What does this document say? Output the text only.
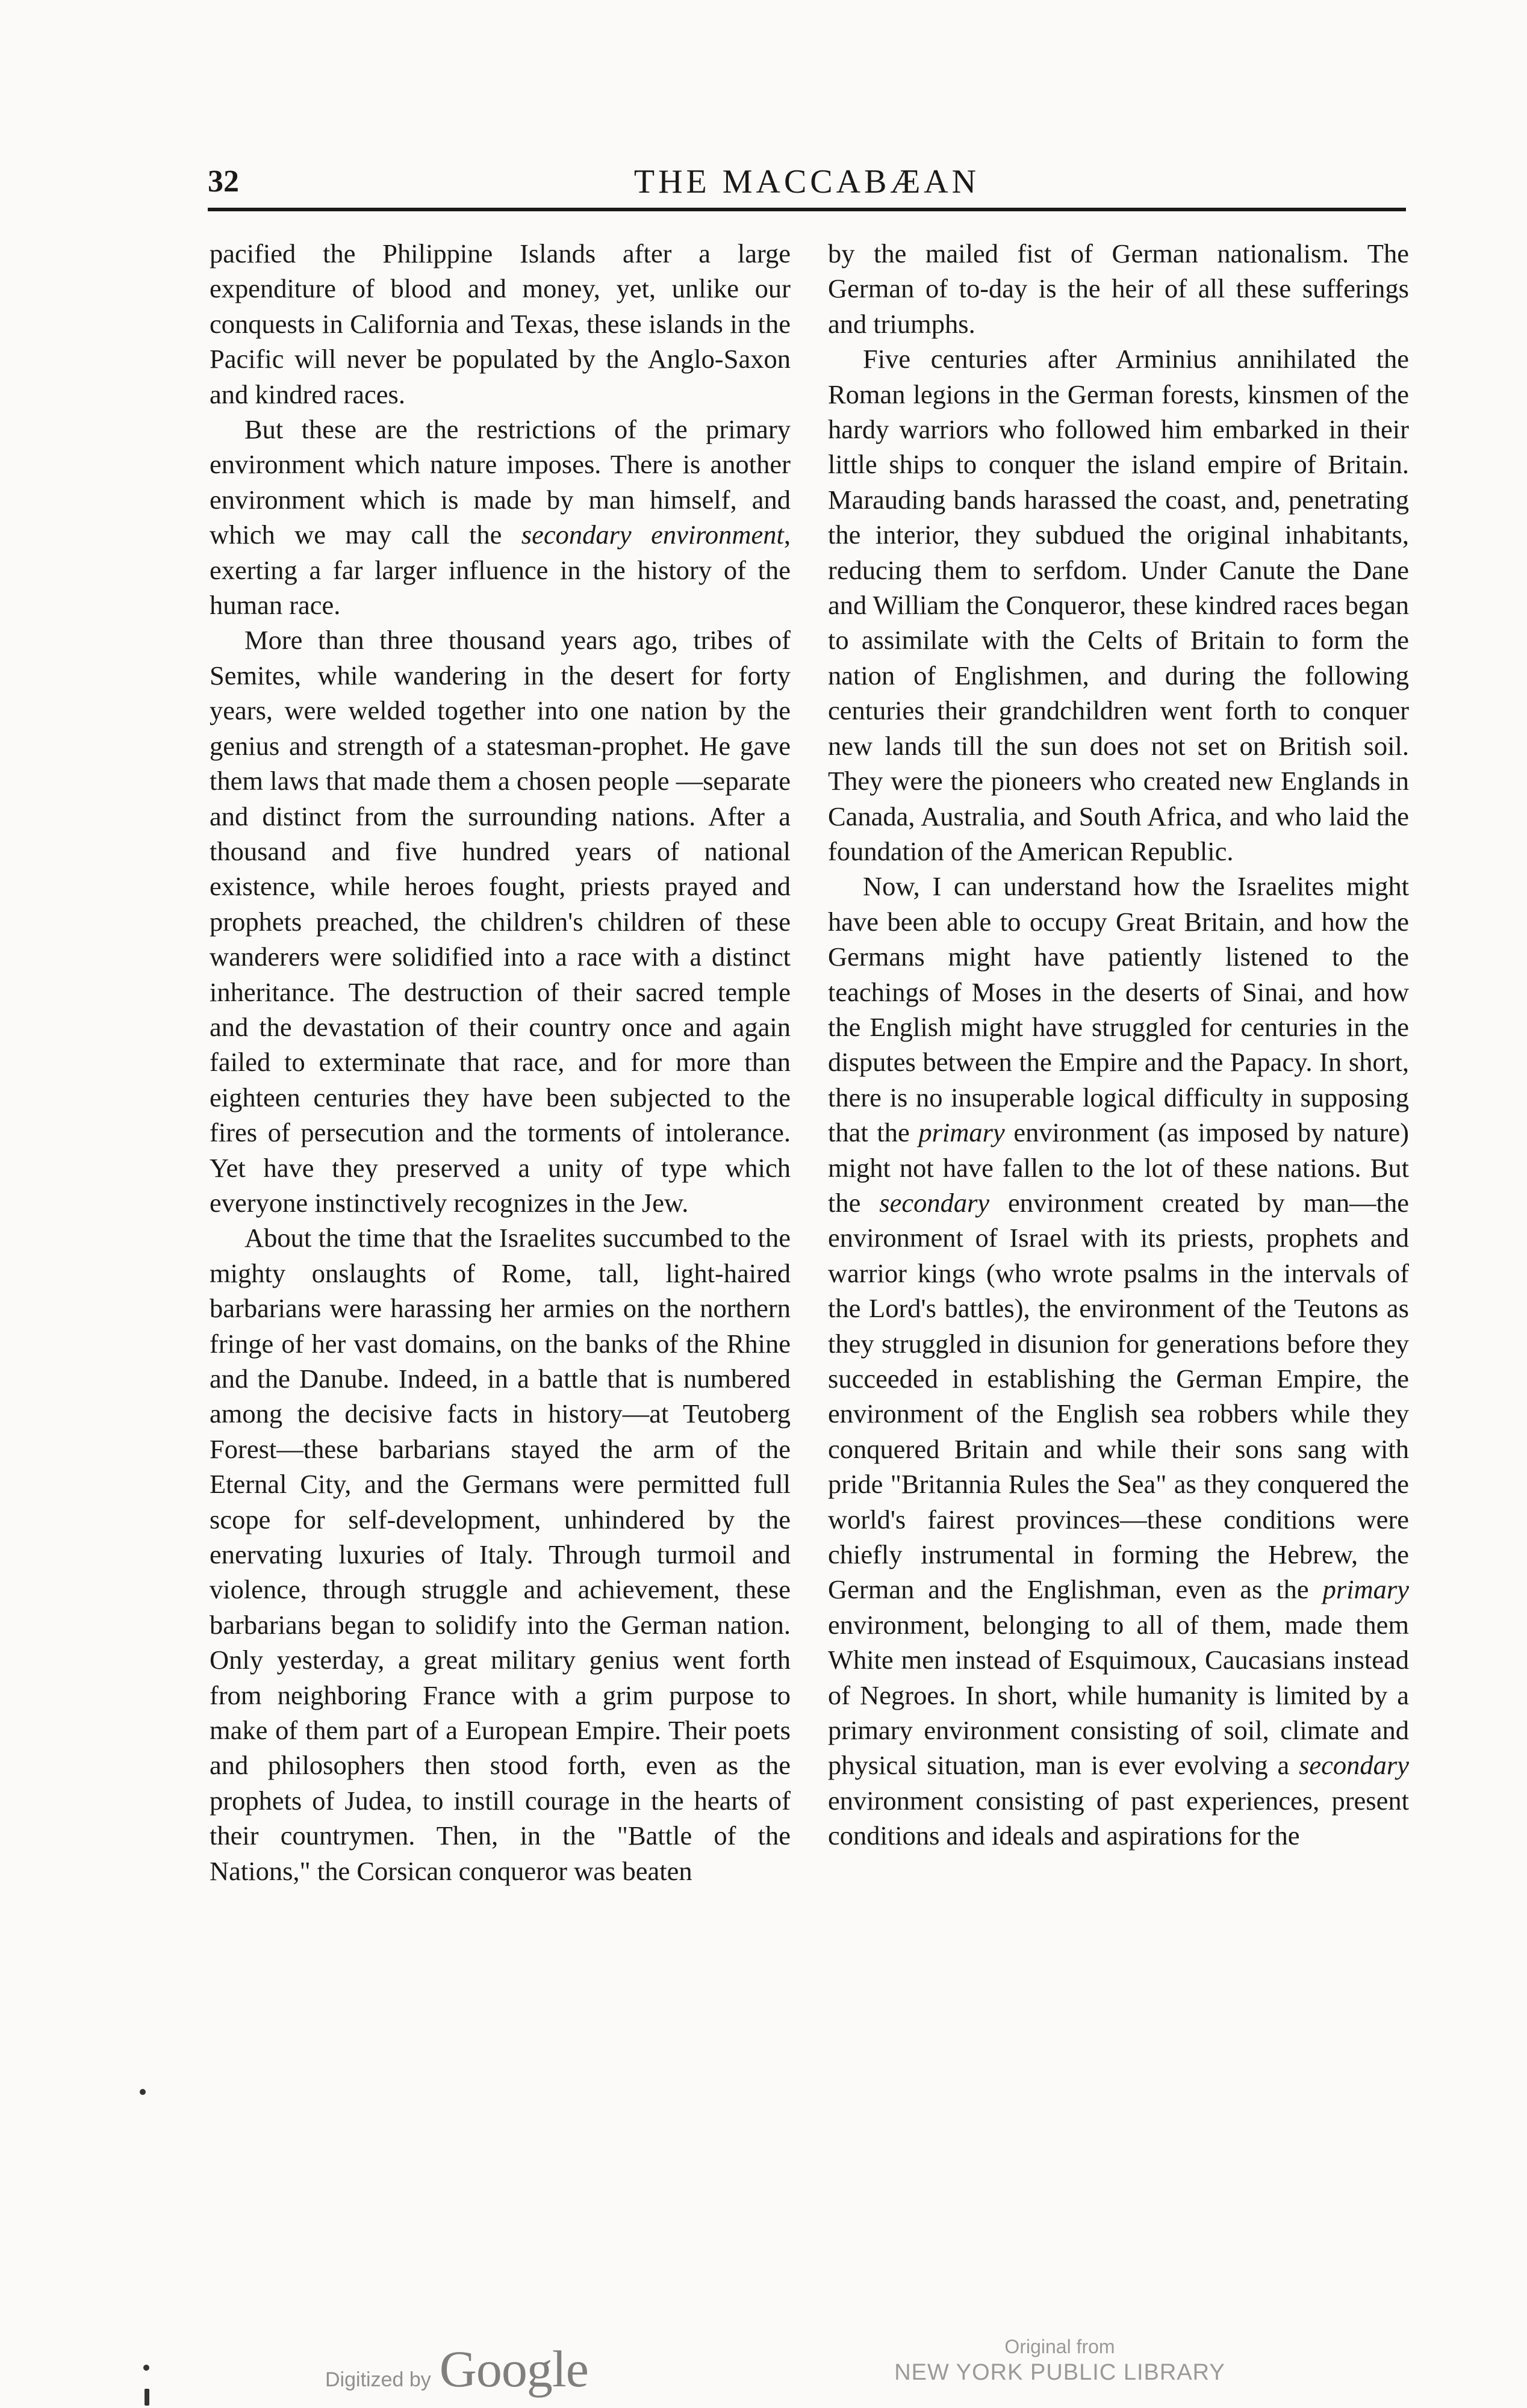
32	THE MACCABÆAN

pacified the Philippine Islands after a large expenditure of blood and money, yet, unlike our conquests in California and Texas, these islands in the Pacific will never be populated by the Anglo-Saxon and kindred races.

But these are the restrictions of the primary environment which nature imposes. There is another environment which is made by man himself, and which we may call the secondary environment, exerting a far larger influence in the history of the human race.

More than three thousand years ago, tribes of Semites, while wandering in the desert for forty years, were welded together into one nation by the genius and strength of a statesman-prophet. He gave them laws that made them a chosen people —separate and distinct from the surrounding nations. After a thousand and five hundred years of national existence, while heroes fought, priests prayed and prophets preached, the children's children of these wanderers were solidified into a race with a distinct inheritance. The destruction of their sacred temple and the devastation of their country once and again failed to exterminate that race, and for more than eighteen centuries they have been subjected to the fires of persecution and the torments of intolerance. Yet have they preserved a unity of type which everyone instinctively recognizes in the Jew.

About the time that the Israelites succumbed to the mighty onslaughts of Rome, tall, light-haired barbarians were harassing her armies on the northern fringe of her vast domains, on the banks of the Rhine and the Danube. Indeed, in a battle that is numbered among the decisive facts in history—at Teutoberg Forest—these barbarians stayed the arm of the Eternal City, and the Germans were permitted full scope for self-development, unhindered by the enervating luxuries of Italy. Through turmoil and violence, through struggle and achievement, these barbarians began to solidify into the German nation. Only yesterday, a great military genius went forth from neighboring France with a grim purpose to make of them part of a European Empire. Their poets and philosophers then stood forth, even as the prophets of Judea, to instill courage in the hearts of their countrymen. Then, in the "Battle of the Nations," the Corsican conqueror was beaten

by the mailed fist of German nationalism. The German of to-day is the heir of all these sufferings and triumphs.

Five centuries after Arminius annihilated the Roman legions in the German forests, kinsmen of the hardy warriors who followed him embarked in their little ships to conquer the island empire of Britain. Marauding bands harassed the coast, and, penetrating the interior, they subdued the original inhabitants, reducing them to serfdom. Under Canute the Dane and William the Conqueror, these kindred races began to assimilate with the Celts of Britain to form the nation of Englishmen, and during the following centuries their grandchildren went forth to conquer new lands till the sun does not set on British soil. They were the pioneers who created new Englands in Canada, Australia, and South Africa, and who laid the foundation of the American Republic.

Now, I can understand how the Israelites might have been able to occupy Great Britain, and how the Germans might have patiently listened to the teachings of Moses in the deserts of Sinai, and how the English might have struggled for centuries in the disputes between the Empire and the Papacy. In short, there is no insuperable logical difficulty in supposing that the primary environment (as imposed by nature) might not have fallen to the lot of these nations. But the secondary environment created by man—the environment of Israel with its priests, prophets and warrior kings (who wrote psalms in the intervals of the Lord's battles), the environment of the Teutons as they struggled in disunion for generations before they succeeded in establishing the German Empire, the environment of the English sea robbers while they conquered Britain and while their sons sang with pride "Britannia Rules the Sea" as they conquered the world's fairest provinces—these conditions were chiefly instrumental in forming the Hebrew, the German and the Englishman, even as the primary environment, belonging to all of them, made them White men instead of Esquimoux, Caucasians instead of Negroes. In short, while humanity is limited by a primary environment consisting of soil, climate and physical situation, man is ever evolving a secondary environment consisting of past experiences, present conditions and ideals and aspirations for the

Digitized by Google	Original from
NEW YORK PUBLIC LIBRARY
